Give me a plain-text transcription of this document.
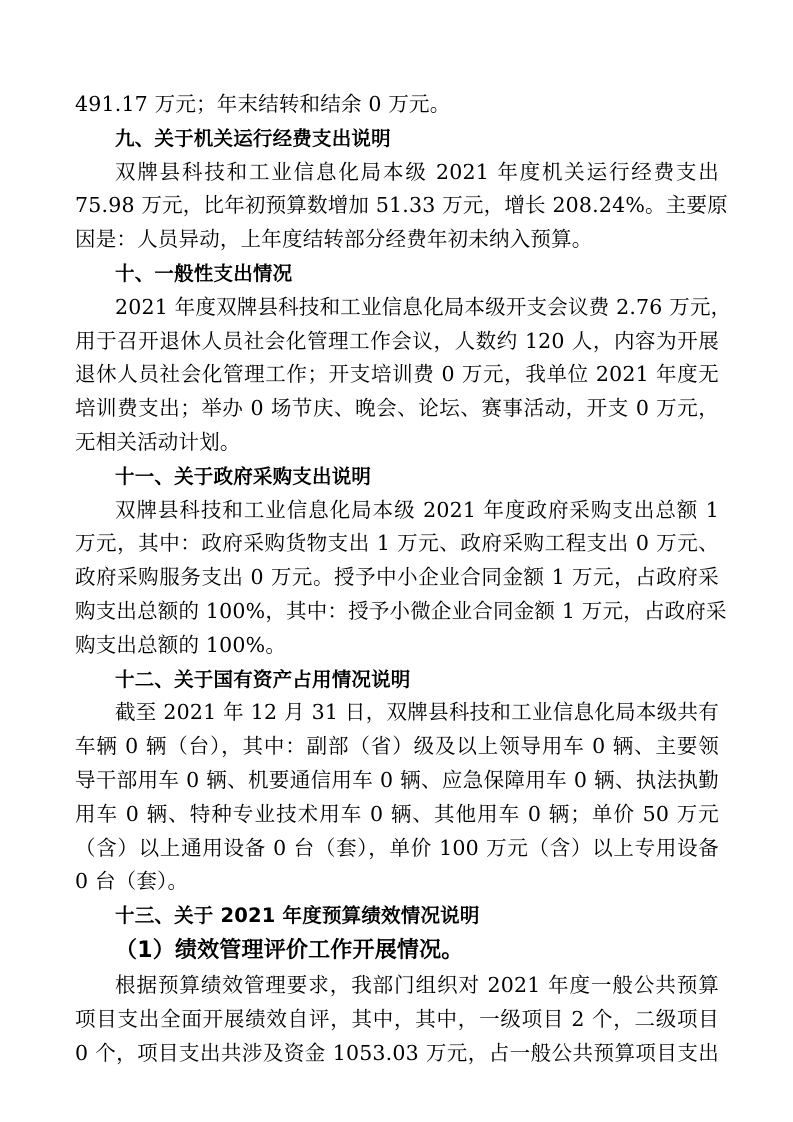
491.17 万元；年末结转和结余 0 万元。
九、关于机关运行经费支出说明
双牌县科技和工业信息化局本级 2021 年度机关运行经费支出
75.98 万元，比年初预算数增加 51.33 万元，增长 208.24%。主要原
因是：人员异动，上年度结转部分经费年初未纳入预算。
十、一般性支出情况
2021 年度双牌县科技和工业信息化局本级开支会议费 2.76 万元，
用于召开退休人员社会化管理工作会议，人数约 120 人，内容为开展
退休人员社会化管理工作；开支培训费 0 万元，我单位 2021 年度无
培训费支出；举办 0 场节庆、晚会、论坛、赛事活动，开支 0 万元，
无相关活动计划。
十一、关于政府采购支出说明
双牌县科技和工业信息化局本级 2021 年度政府采购支出总额 1
万元，其中：政府采购货物支出 1 万元、政府采购工程支出 0 万元、
政府采购服务支出 0 万元。授予中小企业合同金额 1 万元，占政府采
购支出总额的 100%，其中：授予小微企业合同金额 1 万元，占政府采
购支出总额的 100%。
十二、关于国有资产占用情况说明
截至 2021 年 12 月 31 日，双牌县科技和工业信息化局本级共有
车辆 0 辆（台），其中：副部（省）级及以上领导用车 0 辆、主要领
导干部用车 0 辆、机要通信用车 0 辆、应急保障用车 0 辆、执法执勤
用车 0 辆、特种专业技术用车 0 辆、其他用车 0 辆；单价 50 万元
（含）以上通用设备 0 台（套），单价 100 万元（含）以上专用设备
0 台（套）。
十三、关于 2021 年度预算绩效情况说明
（1）绩效管理评价工作开展情况。
根据预算绩效管理要求，我部门组织对 2021 年度一般公共预算
项目支出全面开展绩效自评，其中，其中，一级项目 2 个，二级项目
0 个，项目支出共涉及资金 1053.03 万元，占一般公共预算项目支出
